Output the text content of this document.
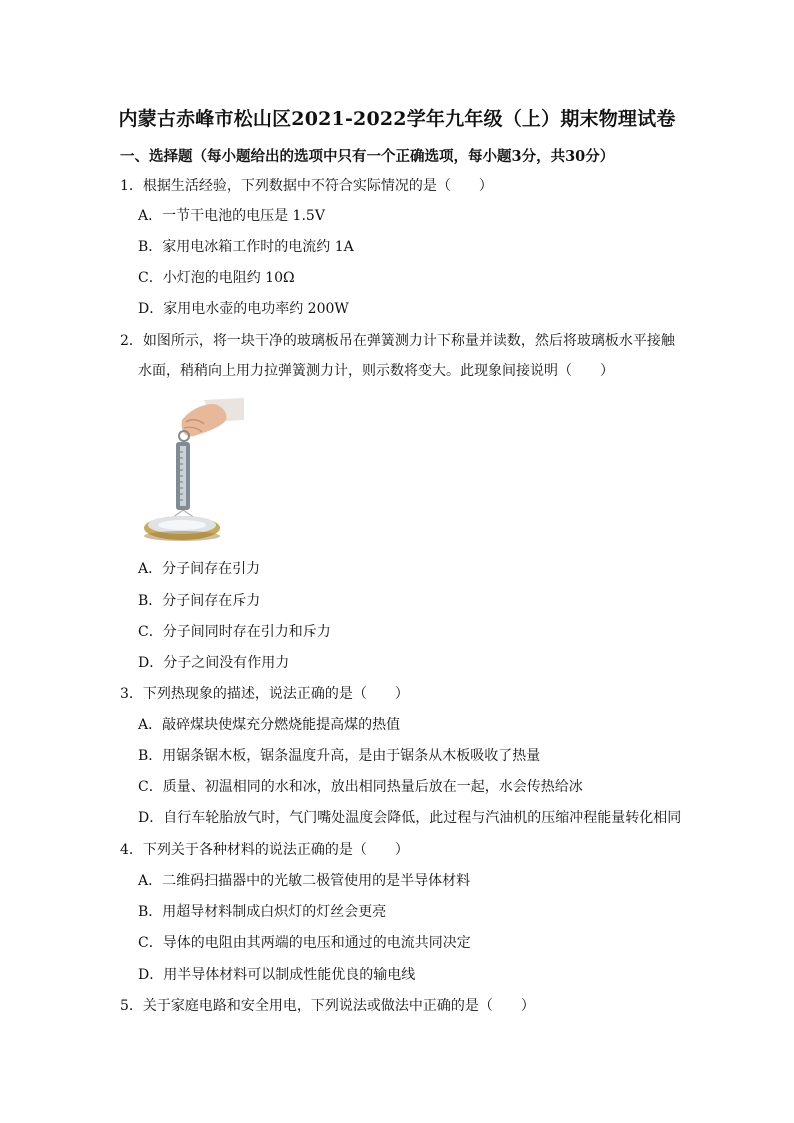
内蒙古赤峰市松山区2021-2022学年九年级（上）期末物理试卷
一、选择题（每小题给出的选项中只有一个正确选项，每小题3分，共30分）
1．根据生活经验，下列数据中不符合实际情况的是（　　）
A．一节干电池的电压是 1.5V
B．家用电冰箱工作时的电流约 1A
C．小灯泡的电阻约 10Ω
D．家用电水壶的电功率约 200W
2．如图所示，将一块干净的玻璃板吊在弹簧测力计下称量并读数，然后将玻璃板水平接触
水面，稍稍向上用力拉弹簧测力计，则示数将变大。此现象间接说明（　　）
A．分子间存在引力
B．分子间存在斥力
C．分子间同时存在引力和斥力
D．分子之间没有作用力
3．下列热现象的描述，说法正确的是（　　）
A．敲碎煤块使煤充分燃烧能提高煤的热值
B．用锯条锯木板，锯条温度升高，是由于锯条从木板吸收了热量
C．质量、初温相同的水和冰，放出相同热量后放在一起，水会传热给冰
D．自行车轮胎放气时，气门嘴处温度会降低，此过程与汽油机的压缩冲程能量转化相同
4．下列关于各种材料的说法正确的是（　　）
A．二维码扫描器中的光敏二极管使用的是半导体材料
B．用超导材料制成白炽灯的灯丝会更亮
C．导体的电阻由其两端的电压和通过的电流共同决定
D．用半导体材料可以制成性能优良的输电线
5．关于家庭电路和安全用电，下列说法或做法中正确的是（　　）
